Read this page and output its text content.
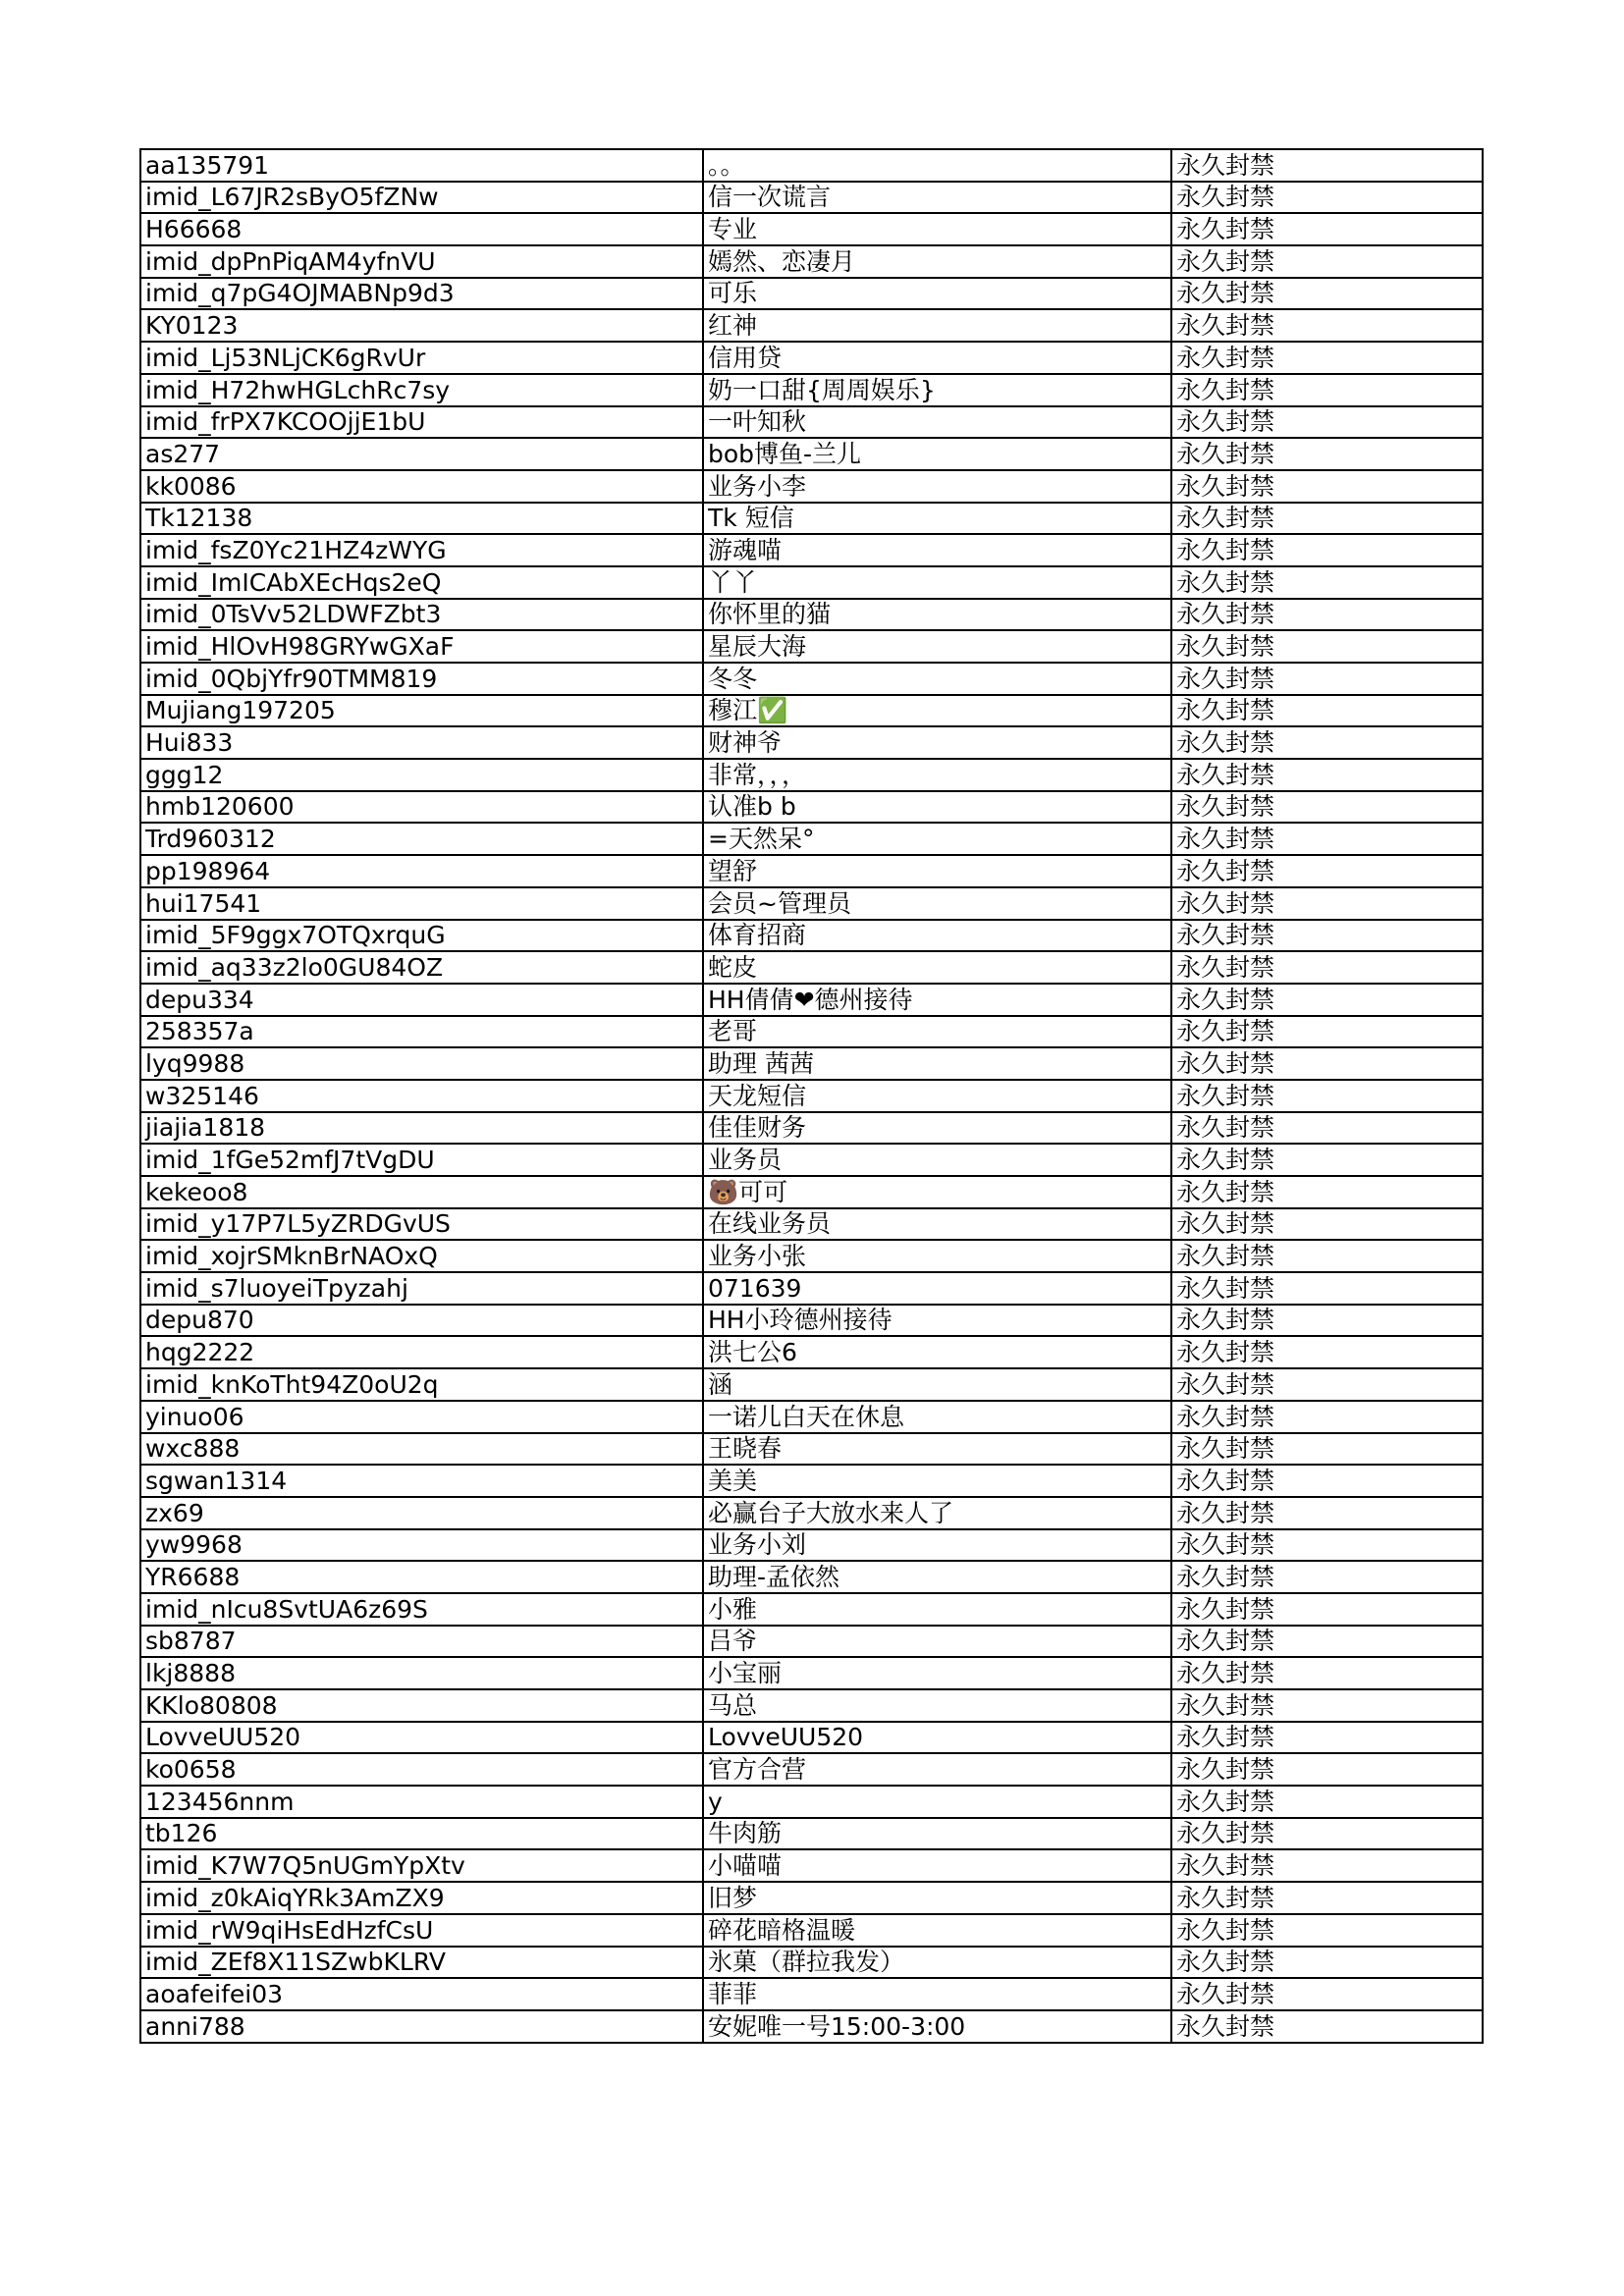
aa135791	。。	永久封禁
imid_L67JR2sByO5fZNw	信一次谎言	永久封禁
H66668	专业	永久封禁
imid_dpPnPiqAM4yfnVU	嫣然、恋凄月	永久封禁
imid_q7pG4OJMABNp9d3	可乐	永久封禁
KY0123	红神	永久封禁
imid_Lj53NLjCK6gRvUr	信用贷	永久封禁
imid_H72hwHGLchRc7sy	奶一口甜{周周娱乐}	永久封禁
imid_frPX7KCOOjjE1bU	一叶知秋	永久封禁
as277	bob博鱼-兰儿	永久封禁
kk0086	业务小李	永久封禁
Tk12138	Tk 短信	永久封禁
imid_fsZ0Yc21HZ4zWYG	游魂喵	永久封禁
imid_ImICAbXEcHqs2eQ	丫丫	永久封禁
imid_0TsVv52LDWFZbt3	你怀里的猫	永久封禁
imid_HlOvH98GRYwGXaF	星辰大海	永久封禁
imid_0QbjYfr90TMM819	冬冬	永久封禁
Mujiang197205	穆江✅	永久封禁
Hui833	财神爷	永久封禁
ggg12	非常，，，	永久封禁
hmb120600	认准b b	永久封禁
Trd960312	=天然呆°	永久封禁
pp198964	望舒	永久封禁
hui17541	会员~管理员	永久封禁
imid_5F9ggx7OTQxrquG	体育招商	永久封禁
imid_aq33z2lo0GU84OZ	蛇皮	永久封禁
depu334	HH倩倩❤德州接待	永久封禁
258357a	老哥	永久封禁
lyq9988	助理 茜茜	永久封禁
w325146	天龙短信	永久封禁
jiajia1818	佳佳财务	永久封禁
imid_1fGe52mfJ7tVgDU	业务员	永久封禁
kekeoo8	🐻可可	永久封禁
imid_y17P7L5yZRDGvUS	在线业务员	永久封禁
imid_xojrSMknBrNAOxQ	业务小张	永久封禁
imid_s7luoyeiTpyzahj	071639	永久封禁
depu870	HH小玲德州接待	永久封禁
hqg2222	洪七公6	永久封禁
imid_knKoTht94Z0oU2q	涵	永久封禁
yinuo06	一诺儿白天在休息	永久封禁
wxc888	王晓春	永久封禁
sgwan1314	美美	永久封禁
zx69	必赢台子大放水来人了	永久封禁
yw9968	业务小刘	永久封禁
YR6688	助理-孟依然	永久封禁
imid_nIcu8SvtUA6z69S	小雅	永久封禁
sb8787	吕爷	永久封禁
lkj8888	小宝丽	永久封禁
KKlo80808	马总	永久封禁
LovveUU520	LovveUU520	永久封禁
ko0658	官方合营	永久封禁
123456nnm	y	永久封禁
tb126	牛肉筋	永久封禁
imid_K7W7Q5nUGmYpXtv	小喵喵	永久封禁
imid_z0kAiqYRk3AmZX9	旧梦	永久封禁
imid_rW9qiHsEdHzfCsU	碎花暗格温暖	永久封禁
imid_ZEf8X11SZwbKLRV	氷菓（群拉我发）	永久封禁
aoafeifei03	菲菲	永久封禁
anni788	安妮唯一号15:00-3:00	永久封禁
